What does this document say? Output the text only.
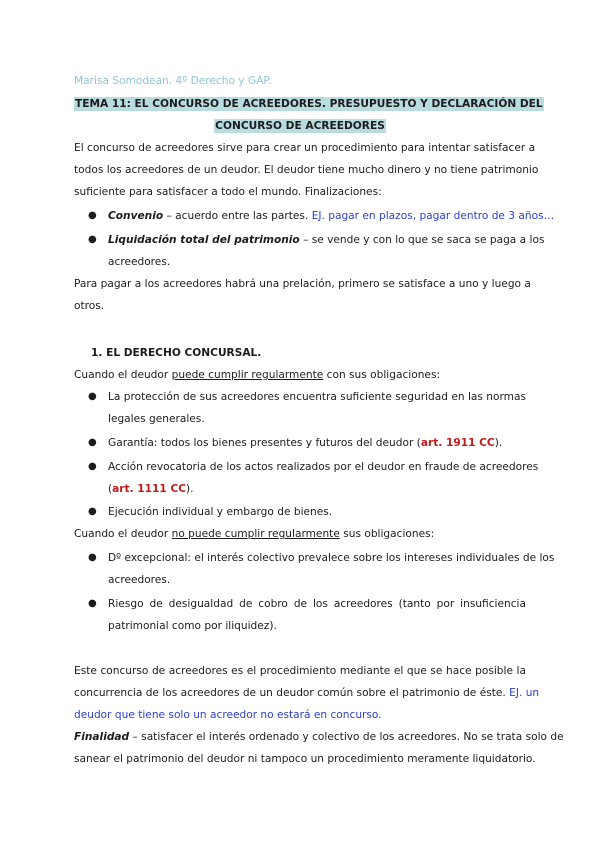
Marisa Somodean. 4º Derecho y GAP.
TEMA 11: EL CONCURSO DE ACREEDORES. PRESUPUESTO Y DECLARACIÓN DEL
CONCURSO DE ACREEDORES
El concurso de acreedores sirve para crear un procedimiento para intentar satisfacer a
todos los acreedores de un deudor. El deudor tiene mucho dinero y no tiene patrimonio
suficiente para satisfacer a todo el mundo. Finalizaciones:
● Convenio – acuerdo entre las partes. EJ. pagar en plazos, pagar dentro de 3 años…
● Liquidación total del patrimonio – se vende y con lo que se saca se paga a los
acreedores.
Para pagar a los acreedores habrá una prelación, primero se satisface a uno y luego a
otros.
1. EL DERECHO CONCURSAL.
Cuando el deudor puede cumplir regularmente con sus obligaciones:
● La protección de sus acreedores encuentra suficiente seguridad en las normas
legales generales.
● Garantía: todos los bienes presentes y futuros del deudor (art. 1911 CC).
● Acción revocatoria de los actos realizados por el deudor en fraude de acreedores
(art. 1111 CC).
● Ejecución individual y embargo de bienes.
Cuando el deudor no puede cumplir regularmente sus obligaciones:
● Dº excepcional: el interés colectivo prevalece sobre los intereses individuales de los
acreedores.
● Riesgo de desigualdad de cobro de los acreedores (tanto por insuficiencia
patrimonial como por iliquidez).
Este concurso de acreedores es el procedimiento mediante el que se hace posible la
concurrencia de los acreedores de un deudor común sobre el patrimonio de éste. EJ. un
deudor que tiene solo un acreedor no estará en concurso.
Finalidad – satisfacer el interés ordenado y colectivo de los acreedores. No se trata solo de
sanear el patrimonio del deudor ni tampoco un procedimiento meramente liquidatorio.
